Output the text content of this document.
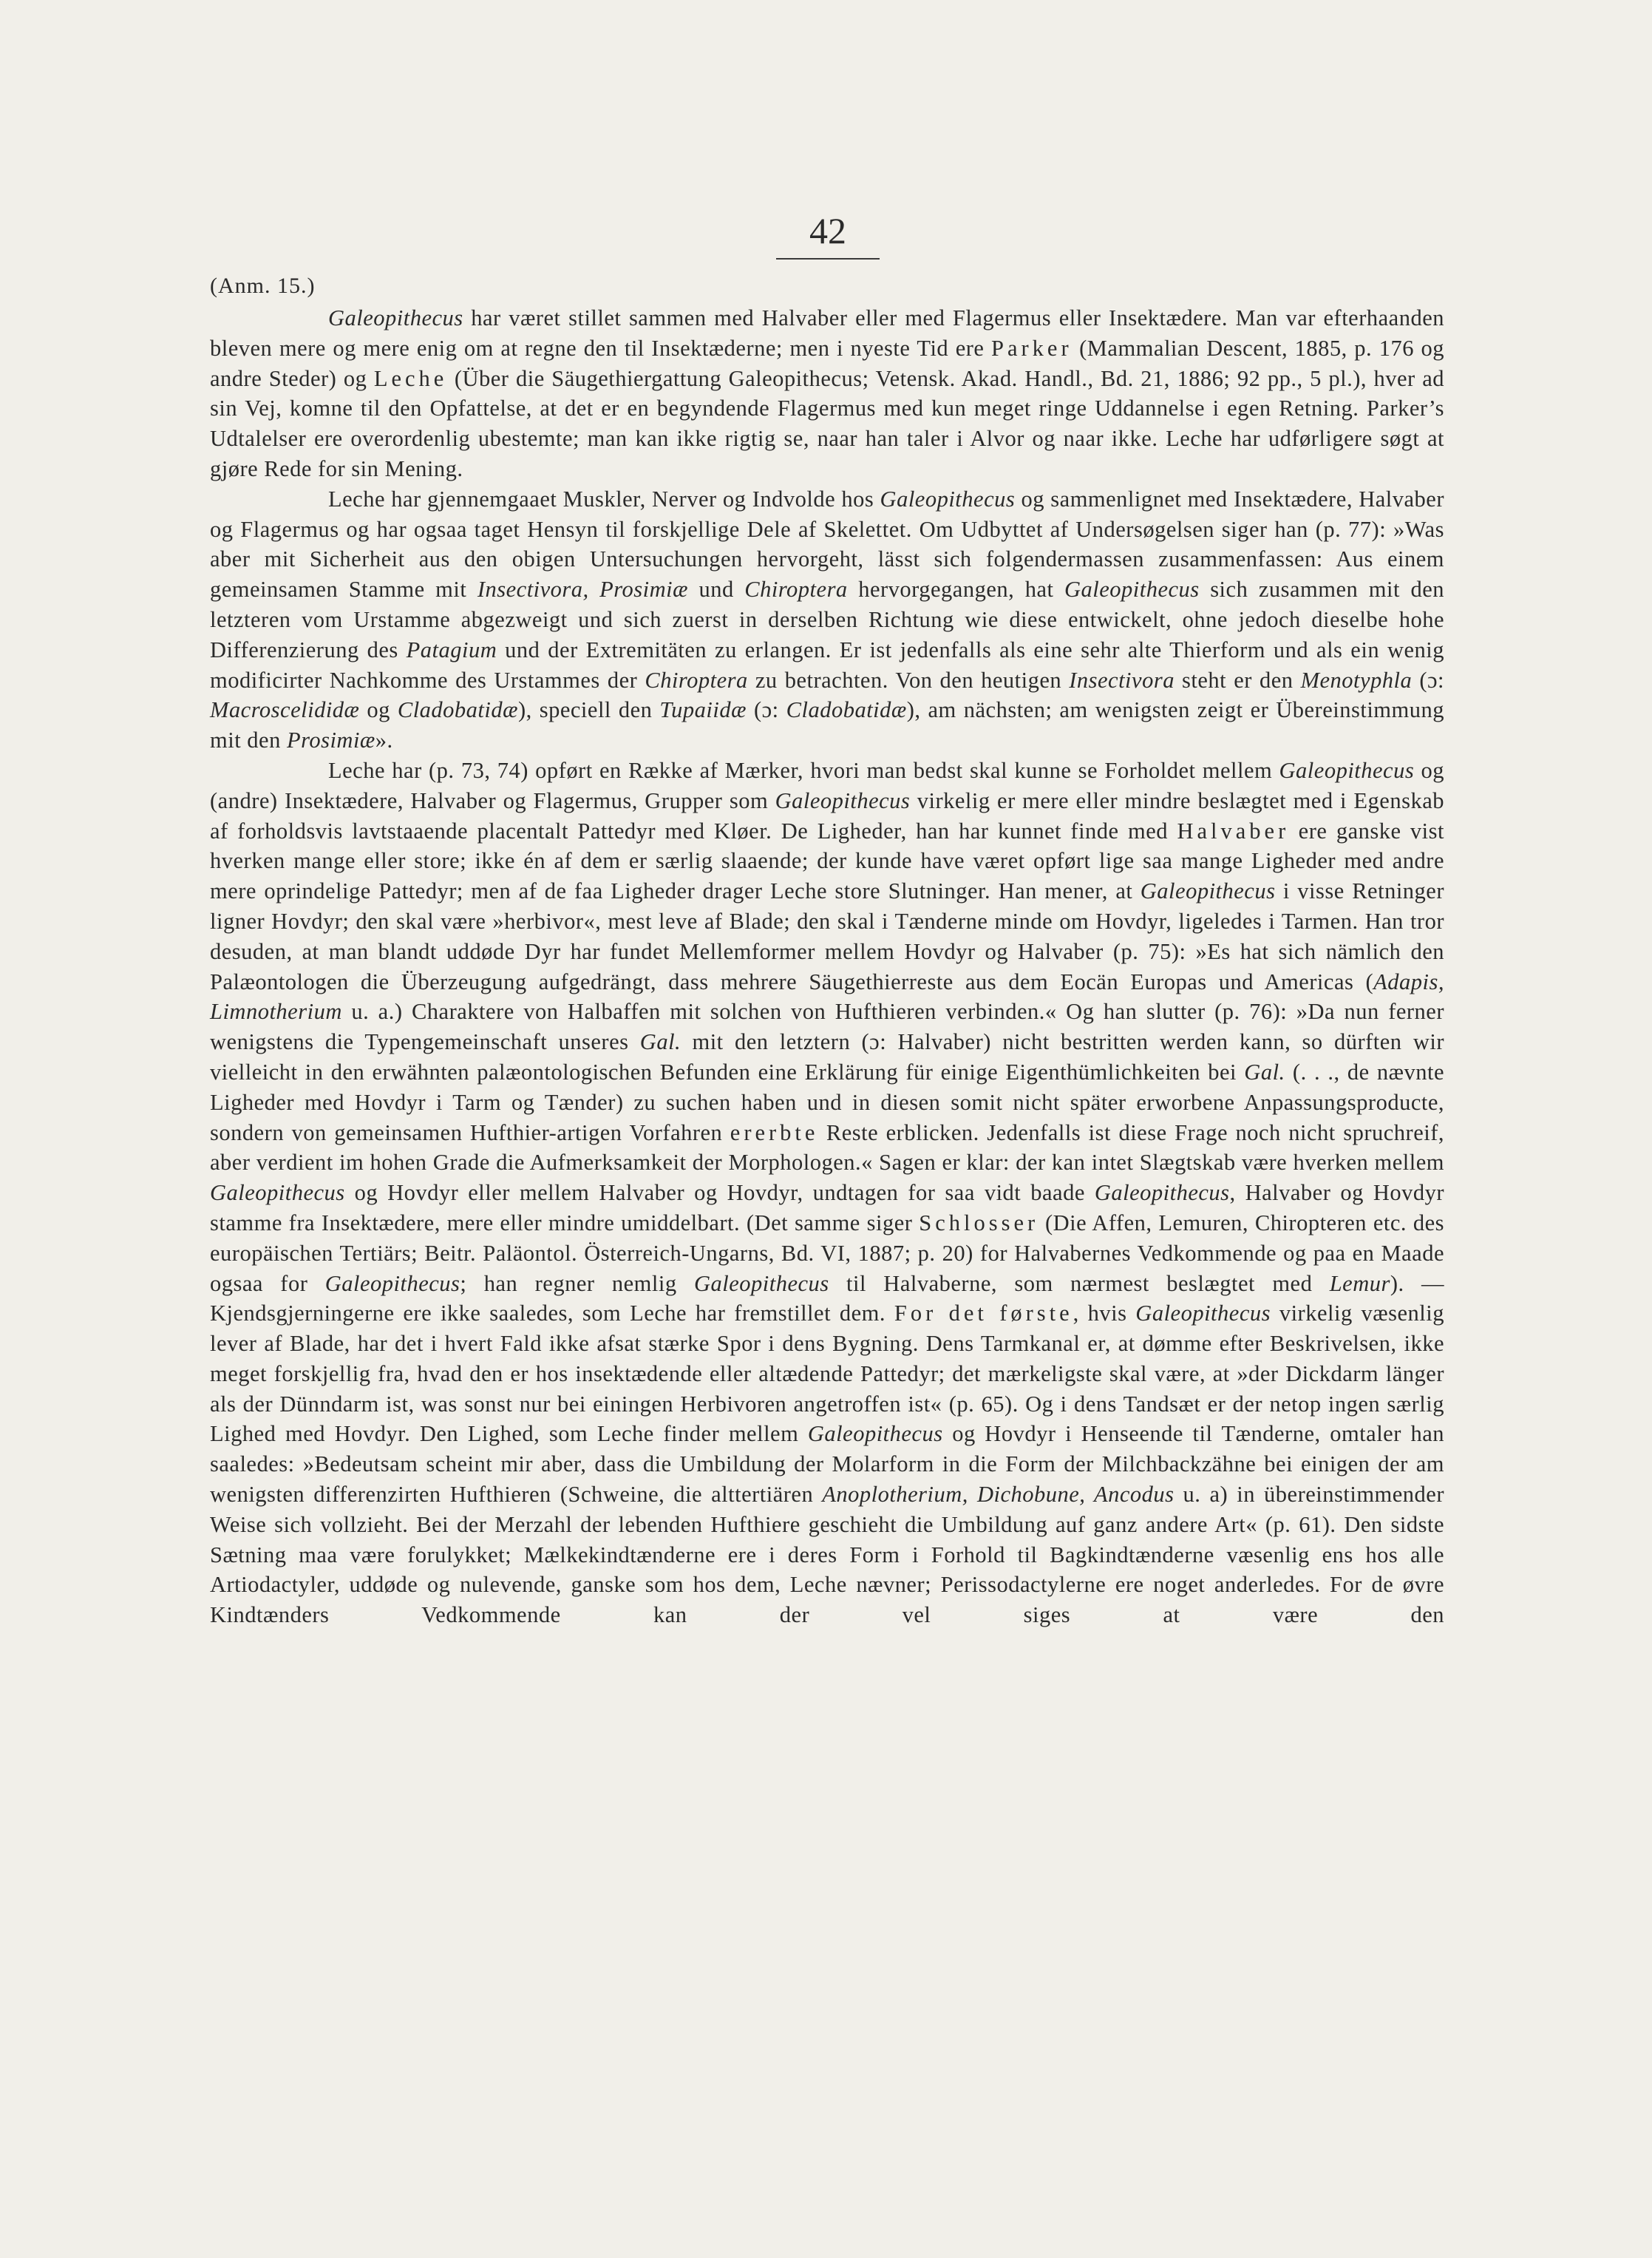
42
(Anm. 15.)

Galeopithecus har været stillet sammen med Halvaber eller med Flagermus eller Insektædere. Man var efterhaanden bleven mere og mere enig om at regne den til Insektæderne; men i nyeste Tid ere Parker (Mammalian Descent, 1885, p. 176 og andre Steder) og Leche (Über die Säugethiergattung Galeopithecus; Vetensk. Akad. Handl., Bd. 21, 1886; 92 pp., 5 pl.), hver ad sin Vej, komne til den Opfattelse, at det er en begyndende Flagermus med kun meget ringe Uddannelse i egen Retning. Parker’s Udtalelser ere overordenlig ubestemte; man kan ikke rigtig se, naar han taler i Alvor og naar ikke. Leche har udførligere søgt at gjøre Rede for sin Mening.

Leche har gjennemgaaet Muskler, Nerver og Indvolde hos Galeopithecus og sammenlignet med Insektædere, Halvaber og Flagermus og har ogsaa taget Hensyn til forskjellige Dele af Skelettet. Om Udbyttet af Undersøgelsen siger han (p. 77): »Was aber mit Sicherheit aus den obigen Untersuchungen hervorgeht, lässt sich folgendermassen zusammenfassen: Aus einem gemeinsamen Stamme mit Insectivora, Prosimiæ und Chiroptera hervorgegangen, hat Galeopithecus sich zusammen mit den letzteren vom Urstamme abgezweigt und sich zuerst in derselben Richtung wie diese entwickelt, ohne jedoch dieselbe hohe Differenzierung des Patagium und der Extremitäten zu erlangen. Er ist jedenfalls als eine sehr alte Thierform und als ein wenig modificirter Nachkomme des Urstammes der Chiroptera zu betrachten. Von den heutigen Insectivora steht er den Menotyphla (ɔ: Macroscelididæ og Cladobatidæ), speciell den Tupaiidæ (ɔ: Cladobatidæ), am nächsten; am wenigsten zeigt er Übereinstimmung mit den Prosimiæ».

Leche har (p. 73, 74) opført en Række af Mærker, hvori man bedst skal kunne se Forholdet mellem Galeopithecus og (andre) Insektædere, Halvaber og Flagermus, Grupper som Galeopithecus virkelig er mere eller mindre beslægtet med i Egenskab af forholdsvis lavtstaaende placentalt Pattedyr med Kløer. De Ligheder, han har kunnet finde med Halvaber ere ganske vist hverken mange eller store; ikke én af dem er særlig slaaende; der kunde have været opført lige saa mange Ligheder med andre mere oprindelige Pattedyr; men af de faa Ligheder drager Leche store Slutninger. Han mener, at Galeopithecus i visse Retninger ligner Hovdyr; den skal være »herbivor«, mest leve af Blade; den skal i Tænderne minde om Hovdyr, ligeledes i Tarmen. Han tror desuden, at man blandt uddøde Dyr har fundet Mellemformer mellem Hovdyr og Halvaber (p. 75): »Es hat sich nämlich den Palæontologen die Überzeugung aufgedrängt, dass mehrere Säugethierreste aus dem Eocän Europas und Americas (Adapis, Limnotherium u. a.) Charaktere von Halbaffen mit solchen von Hufthieren verbinden.« Og han slutter (p. 76): »Da nun ferner wenigstens die Typengemeinschaft unseres Gal. mit den letztern (ɔ: Halvaber) nicht bestritten werden kann, so dürften wir vielleicht in den erwähnten palæontologischen Befunden eine Erklärung für einige Eigenthümlichkeiten bei Gal. (. . ., de nævnte Ligheder med Hovdyr i Tarm og Tænder) zu suchen haben und in diesen somit nicht später erworbene Anpassungsproducte, sondern von gemeinsamen Hufthier-artigen Vorfahren ererbte Reste erblicken. Jedenfalls ist diese Frage noch nicht spruchreif, aber verdient im hohen Grade die Aufmerksamkeit der Morphologen.« Sagen er klar: der kan intet Slægtskab være hverken mellem Galeopithecus og Hovdyr eller mellem Halvaber og Hovdyr, undtagen for saa vidt baade Galeopithecus, Halvaber og Hovdyr stamme fra Insektædere, mere eller mindre umiddelbart. (Det samme siger Schlosser (Die Affen, Lemuren, Chiropteren etc. des europäischen Tertiärs; Beitr. Paläontol. Österreich-Ungarns, Bd. VI, 1887; p. 20) for Halvabernes Vedkommende og paa en Maade ogsaa for Galeopithecus; han regner nemlig Galeopithecus til Halvaberne, som nærmest beslægtet med Lemur). — Kjendsgjerningerne ere ikke saaledes, som Leche har fremstillet dem. For det første, hvis Galeopithecus virkelig væsenlig lever af Blade, har det i hvert Fald ikke afsat stærke Spor i dens Bygning. Dens Tarmkanal er, at dømme efter Beskrivelsen, ikke meget forskjellig fra, hvad den er hos insektædende eller altædende Pattedyr; det mærkeligste skal være, at »der Dickdarm länger als der Dünndarm ist, was sonst nur bei einingen Herbivoren angetroffen ist« (p. 65). Og i dens Tandsæt er der netop ingen særlig Lighed med Hovdyr. Den Lighed, som Leche finder mellem Galeopithecus og Hovdyr i Henseende til Tænderne, omtaler han saaledes: »Bedeutsam scheint mir aber, dass die Umbildung der Molarform in die Form der Milchbackzähne bei einigen der am wenigsten differenzirten Hufthieren (Schweine, die alttertiären Anoplotherium, Dichobune, Ancodus u. a) in übereinstimmender Weise sich vollzieht. Bei der Merzahl der lebenden Hufthiere geschieht die Umbildung auf ganz andere Art« (p. 61). Den sidste Sætning maa være forulykket; Mælkekindtænderne ere i deres Form i Forhold til Bagkindtænderne væsenlig ens hos alle Artiodactyler, uddøde og nulevende, ganske som hos dem, Leche nævner; Perissodactylerne ere noget anderledes. For de øvre Kindtænders Vedkommende kan der vel siges at være den
